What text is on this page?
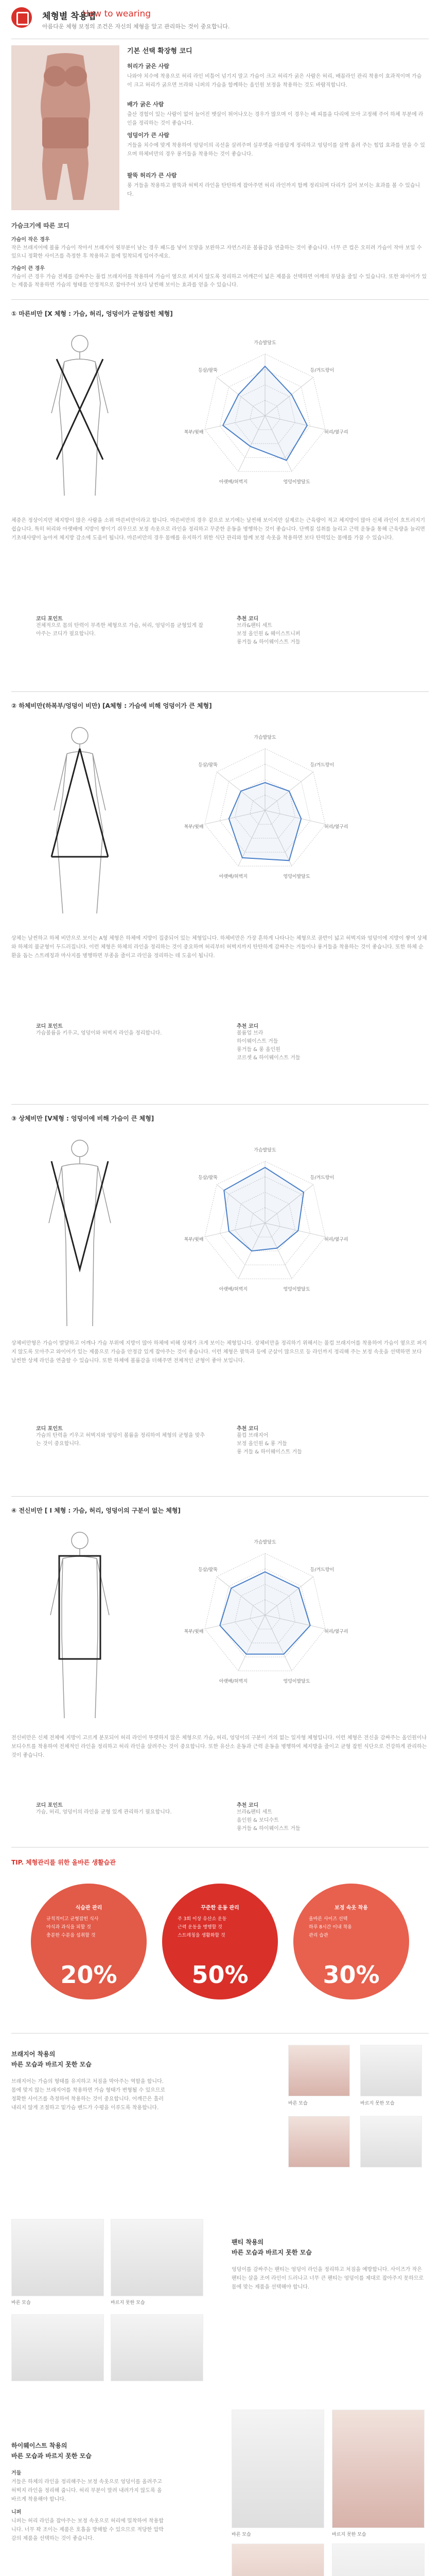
체형별 착용법
How to wearing
아름다운 체형 보정의 조건은 자신의 체형을 알고 관리하는 것이 중요합니다.
기본 선택 확장형 코디
허리가 굵은 사람
나와야 치수에 착용으로 허리 라인 비틀어 넘기지 말고 가슴이 크고 허리가 굵은 사람은 허리, 배꼽라인 관리 착용이 효과적이며 가슴이 크고 허리가 굵으면 브라와 니퍼의 가슴을 함께하는 올인원 보정을 착용하는 것도 바람직합니다.
배가 굵은 사람
출산 경험이 있는 사람이 없어 늘어진 뱃살이 튀어나오는 경우가 많으며 이 경우는 배 피를을 다리에 모아 고정해 주어 하체 부분에 라인을 정리하는 것이 좋습니다.
엉덩이가 큰 사람
거들을 치수에 맞게 착용하여 엉덩이의 곡선을 살려주며 실루엣을 아름답게 정리하고 엉덩이를 살짝 올려 주는 힙업 효과를 얻을 수 있으며 하체비만의 경우 롱거들을 착용하는 것이 좋습니다.
팔뚝 허리가 큰 사람
롱 거들을 착용하고 팔뚝과 허벅지 라인을 탄탄하게 잡아주면 허리 라인까지 함께 정리되며 다리가 길어 보이는 효과를 볼 수 있습니다.
가슴크기에 따른 코디
가슴이 작은 경우
작은 브래지어에 볼륨 가슴이 작아서 브래지어 윗부분이 남는 경우 패드를 넣어 모양을 보완하고 자연스러운 볼륨감을 연출하는 것이 좋습니다. 너무 큰 컵은 오히려 가슴이 작아 보일 수 있으니 정확한 사이즈를 측정한 후 착용하고 몸에 밀착되게 입어주세요.
가슴이 큰 경우
가슴이 큰 경우 가슴 전체를 감싸주는 풀컵 브래지어를 착용하여 가슴이 옆으로 퍼지지 않도록 정리하고 어깨끈이 넓은 제품을 선택하면 어깨의 부담을 줄일 수 있습니다. 또한 와이어가 있는 제품을 착용하면 가슴의 형태를 안정적으로 잡아주어 보다 날씬해 보이는 효과를 얻을 수 있습니다.
① 마른비만 [X 체형 : 가슴, 허리, 엉덩이가 균형잡힌 체형]
가슴발달도
등/겨드랑이
허리/옆구리
엉덩이발달도
아랫배/허벅지
복부/윗배
등살/팔뚝
체중은 정상이지만 체지방이 많은 사람을 소위 마른비만이라고 합니다. 마른비만의 경우 겉으로 보기에는 날씬해 보이지만 실제로는 근육량이 적고 체지방이 많아 신체 라인이 흐트러지기 쉽습니다. 특히 허리와 아랫배에 지방이 쌓이기 쉬우므로 보정 속옷으로 라인을 정리하고 꾸준한 운동을 병행하는 것이 좋습니다. 단백질 섭취를 늘리고 근력 운동을 통해 근육량을 늘리면 기초대사량이 높아져 체지방 감소에 도움이 됩니다. 마른비만의 경우 몸매를 유지하기 위한 식단 관리와 함께 보정 속옷을 착용하면 보다 탄력있는 몸매를 가꿀 수 있습니다.
코디 포인트
전체적으로 몸의 탄력이 부족한 체형으로 가슴, 허리, 엉덩이를 균형있게 잡아주는 코디가 필요합니다.
추천 코디
브라&팬티 세트
보정 올인원 & 웨이스트니퍼
롱거들 & 하이웨이스트 거들
② 하체비만(하복부/엉덩이 비만) [A체형 : 가슴에 비해 엉덩이가 큰 체형]
가슴발달도
등/겨드랑이
허리/옆구리
엉덩이발달도
아랫배/허벅지
복부/윗배
등살/팔뚝
상체는 날씬하고 하체 비만으로 보이는 A형 체형은 하체에 지방이 집중되어 있는 체형입니다. 하체비만은 가장 흔하게 나타나는 체형으로 골반이 넓고 허벅지와 엉덩이에 지방이 쌓여 상체와 하체의 불균형이 두드러집니다. 이런 체형은 하체의 라인을 정리하는 것이 중요하며 허리부터 허벅지까지 탄탄하게 감싸주는 거들이나 롱거들을 착용하는 것이 좋습니다. 또한 하체 순환을 돕는 스트레칭과 마사지를 병행하면 부종을 줄이고 라인을 정리하는 데 도움이 됩니다.
코디 포인트
가슴볼륨을 키우고, 엉덩이와 허벅지 라인을 정리합니다.
추천 코디
볼륨업 브라
하이웨이스트 거들
롱거들 & 롱 올인원
코르셋 & 하이웨이스트 거들
③ 상체비만 [V체형 : 엉덩이에 비해 가슴이 큰 체형]
가슴발달도
등/겨드랑이
허리/옆구리
엉덩이발달도
아랫배/허벅지
복부/윗배
등살/팔뚝
상체비만형은 가슴이 발달하고 어깨나 가슴 부위에 지방이 많아 하체에 비해 상체가 크게 보이는 체형입니다. 상체비만을 정리하기 위해서는 풀컵 브래지어를 착용하여 가슴이 옆으로 퍼지지 않도록 모아주고 와이어가 있는 제품으로 가슴을 안정감 있게 잡아주는 것이 좋습니다. 이런 체형은 팔뚝과 등에 군살이 많으므로 등 라인까지 정리해 주는 보정 속옷을 선택하면 보다 날씬한 상체 라인을 연출할 수 있습니다. 또한 하체에 볼륨감을 더해주면 전체적인 균형이 좋아 보입니다.
코디 포인트
가슴의 탄력을 키우고 허벅지와 엉덩이 볼륨을 정리하여 체형의 균형을 맞추는 것이 중요합니다.
추천 코디
풀컵 브래지어
보정 올인원 & 롱 거들
롱 거들 & 하이웨이스트 거들
④ 전신비만 [ I 체형 : 가슴, 허리, 엉덩이의 구분이 없는 체형]
가슴발달도
등/겨드랑이
허리/옆구리
엉덩이발달도
아랫배/허벅지
복부/윗배
등살/팔뚝
전신비만은 신체 전체에 지방이 고르게 분포되어 허리 라인이 뚜렷하지 않은 체형으로 가슴, 허리, 엉덩이의 구분이 거의 없는 일자형 체형입니다. 이런 체형은 전신을 감싸주는 올인원이나 보디수트를 착용하여 전체적인 라인을 정리하고 허리 라인을 살려주는 것이 중요합니다. 또한 유산소 운동과 근력 운동을 병행하여 체지방을 줄이고 균형 잡힌 식단으로 건강하게 관리하는 것이 좋습니다.
코디 포인트
가슴, 허리, 엉덩이의 라인을 균형 있게 관리하기 필요합니다.
추천 코디
브라&팬티 세트
올인원 & 보디수트
롱거들 & 하이웨이스트 거들
TIP. 체형관리를 위한 올바른 생활습관
식습관 관리
규칙적이고 균형잡힌 식사
야식과 과식을 피할 것
충분한 수분을 섭취할 것
20%
꾸준한 운동 관리
주 3회 이상 유산소 운동
근력 운동을 병행할 것
스트레칭을 생활화할 것
50%
보정 속옷 착용
올바른 사이즈 선택
하루 8시간 이내 착용
관리 습관
30%
브래지어 착용의
바른 모습과 바르지 못한 모습
브래지어는 가슴의 형태를 유지하고 처짐을 막아주는 역할을 합니다. 몸에 맞지 않는 브래지어를 착용하면 가슴 형태가 변형될 수 있으므로 정확한 사이즈를 측정하여 착용하는 것이 중요합니다. 어깨끈은 흘러내리지 않게 조절하고 밑가슴 밴드가 수평을 이루도록 착용합니다.
바른 모습	바르지 못한 모습
바른 모습	바르지 못한 모습
팬티 착용의
바른 모습과 바르지 못한 모습
엉덩이를 감싸주는 팬티는 엉덩이 라인을 정리하고 처짐을 예방합니다. 사이즈가 작은 팬티는 살을 조여 라인이 드러나고 너무 큰 팬티는 엉덩이를 제대로 잡아주지 못하므로 몸에 맞는 제품을 선택해야 합니다.
하이웨이스트 착용의
바른 모습과 바르지 못한 모습
거들
거들은 하체의 라인을 정리해주는 보정 속옷으로 엉덩이를 올려주고 허벅지 라인을 정리해 줍니다. 허리 부분이 말려 내려가지 않도록 올바르게 착용해야 합니다.
니퍼
니퍼는 허리 라인을 잡아주는 보정 속옷으로 허리에 밀착하여 착용합니다. 너무 꽉 조이는 제품은 호흡을 방해할 수 있으므로 적당한 압박감의 제품을 선택하는 것이 좋습니다.
바른 모습	바르지 못한 모습
